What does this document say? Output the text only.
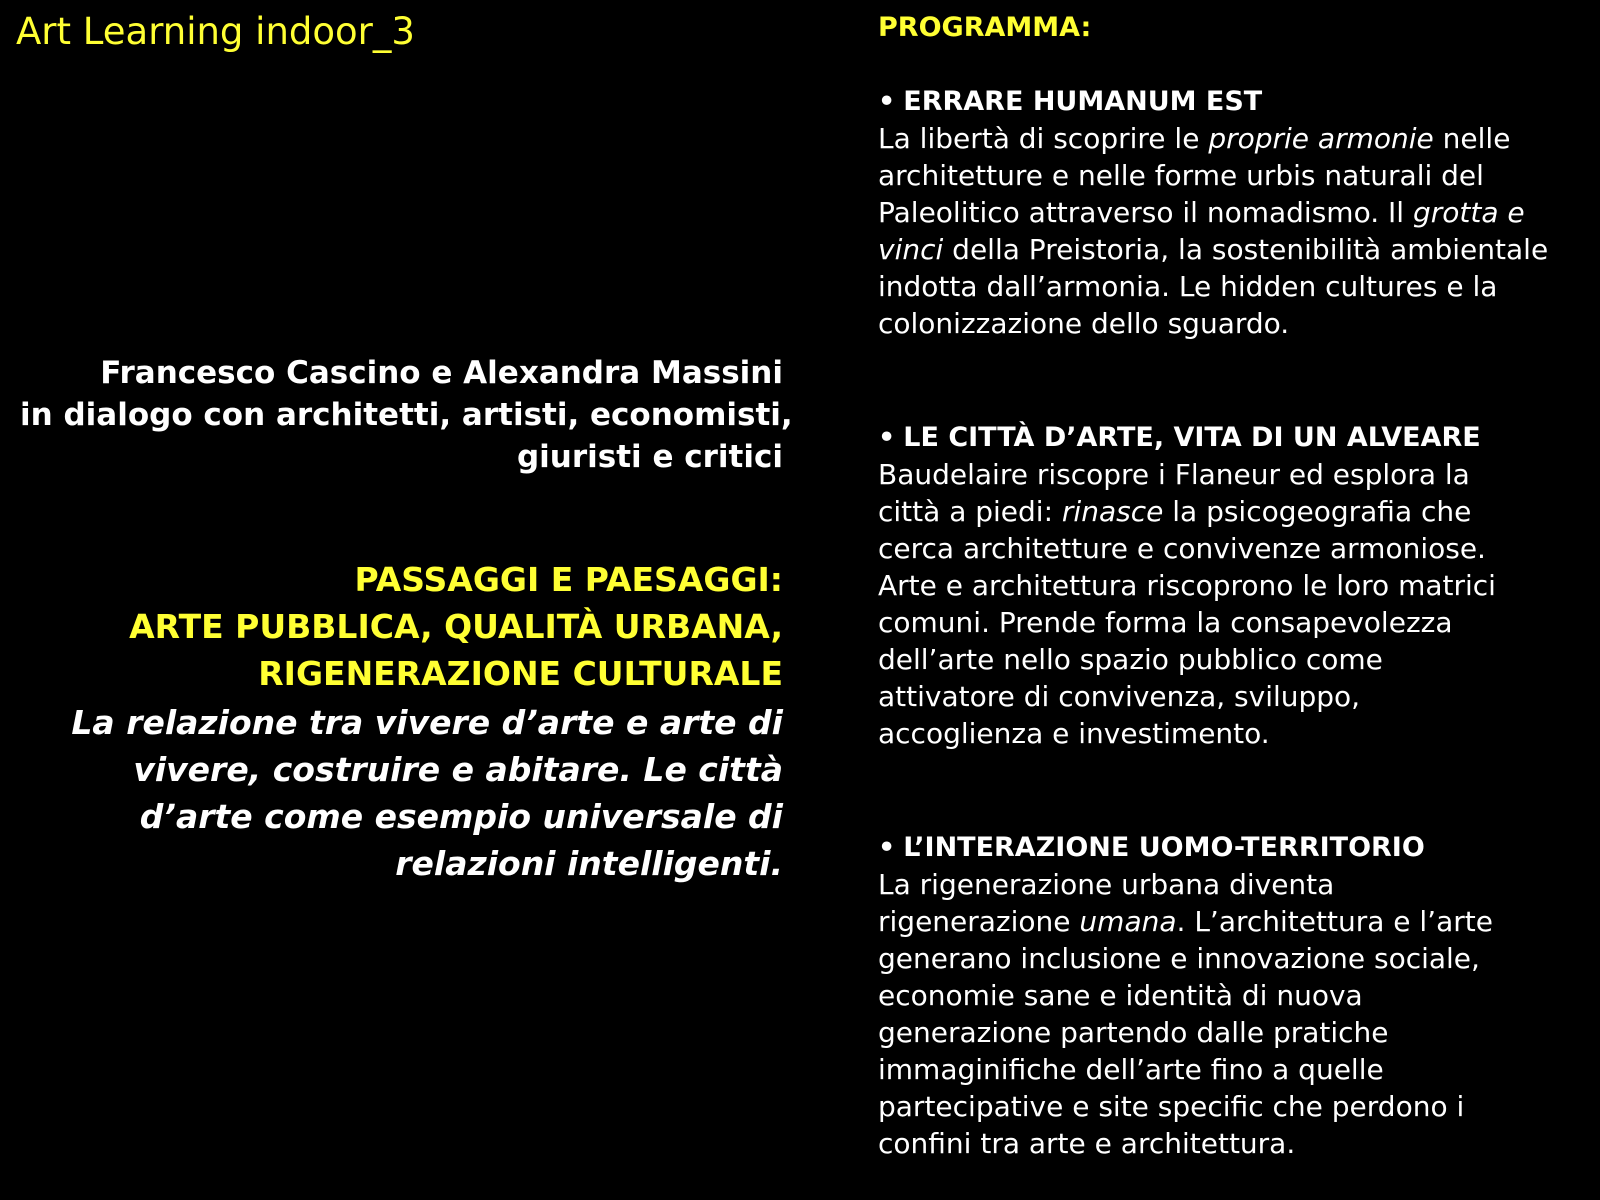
Art Learning indoor_3
Francesco Cascino e Alexandra Massini
in dialogo con architetti, artisti, economisti,
giuristi e critici
PASSAGGI E PAESAGGI:
ARTE PUBBLICA, QUALITÀ URBANA,
RIGENERAZIONE CULTURALE
La relazione tra vivere d’arte e arte di
vivere, costruire e abitare. Le città
d’arte come esempio universale di
relazioni intelligenti.
PROGRAMMA:
• ERRARE HUMANUM EST
La libertà di scoprire le proprie armonie nelle
architetture e nelle forme urbis naturali del
Paleolitico attraverso il nomadismo. Il grotta e
vinci della Preistoria, la sostenibilità ambientale
indotta dall’armonia. Le hidden cultures e la
colonizzazione dello sguardo.
• LE CITTÀ D’ARTE, VITA DI UN ALVEARE
Baudelaire riscopre i Flaneur ed esplora la
città a piedi: rinasce la psicogeografia che
cerca architetture e convivenze armoniose.
Arte e architettura riscoprono le loro matrici
comuni. Prende forma la consapevolezza
dell’arte nello spazio pubblico come
attivatore di convivenza, sviluppo,
accoglienza e investimento.
• L’INTERAZIONE UOMO-TERRITORIO
La rigenerazione urbana diventa
rigenerazione umana. L’architettura e l’arte
generano inclusione e innovazione sociale,
economie sane e identità di nuova
generazione partendo dalle pratiche
immaginifiche dell’arte fino a quelle
partecipative e site specific che perdono i
confini tra arte e architettura.
